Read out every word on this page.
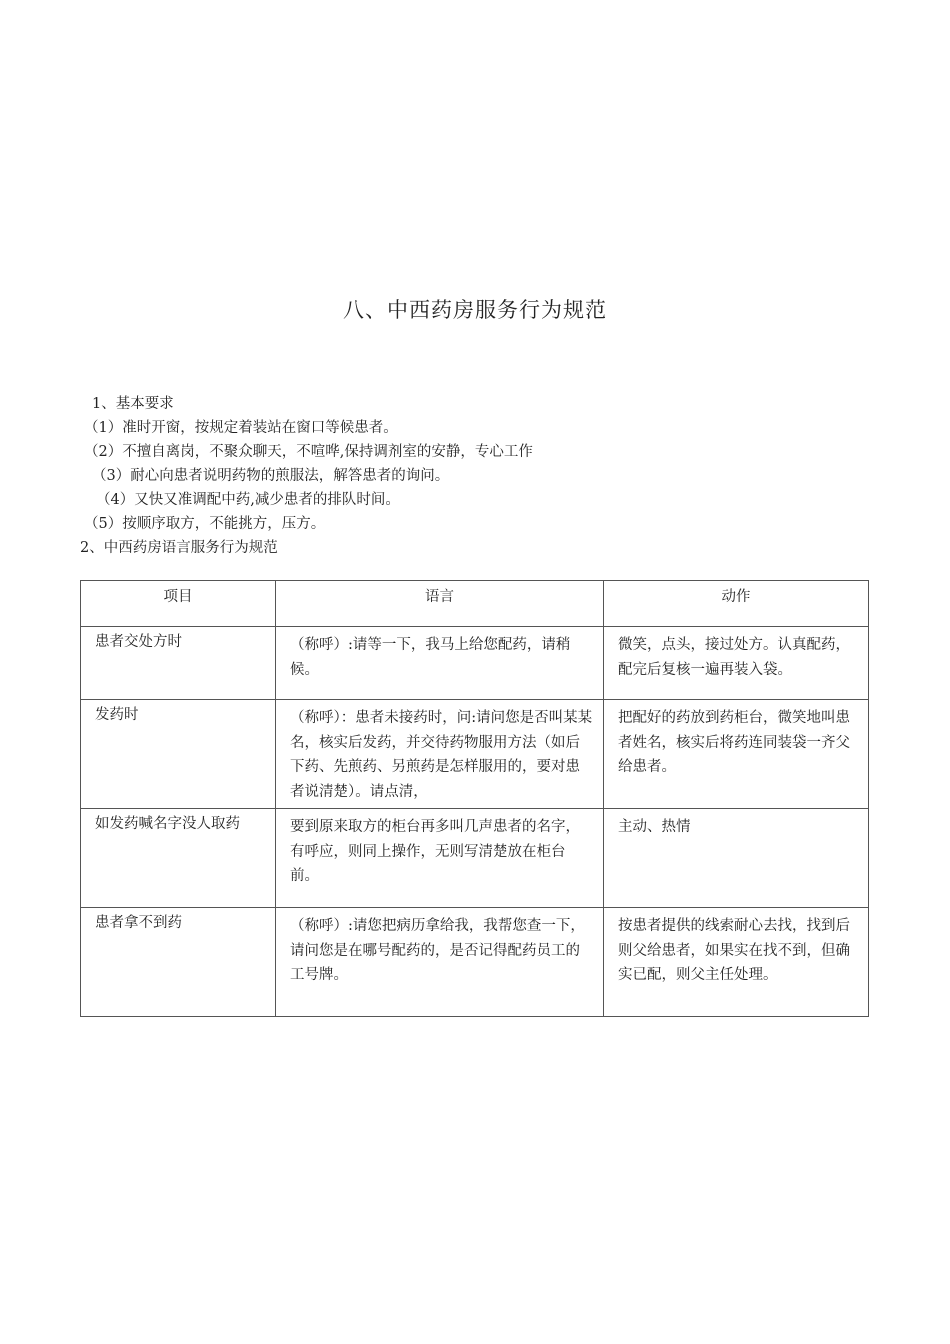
八、中西药房服务行为规范
1、基本要求
（1）准时开窗，按规定着装站在窗口等候患者。
（2）不擅自离岗，不聚众聊天，不喧哗,保持调剂室的安静，专心工作
（3）耐心向患者说明药物的煎服法，解答患者的询问。
（4）又快又准调配中药,减少患者的排队时间。
（5）按顺序取方，不能挑方，压方。
2、中西药房语言服务行为规范
项目	语言	动作
患者交处方时	（称呼）:请等一下，我马上给您配药，请稍候。	微笑，点头，接过处方。认真配药，配完后复核一遍再装入袋。
发药时	（称呼）：患者未接药时，问:请问您是否叫某某名，核实后发药，并交待药物服用方法（如后下药、先煎药、另煎药是怎样服用的，要对患者说清楚）。请点清，	把配好的药放到药柜台，微笑地叫患者姓名，核实后将药连同装袋一齐父给患者。
如发药喊名字没人取药	要到原来取方的柜台再多叫几声患者的名字，有呼应，则同上操作，无则写清楚放在柜台前。	主动、热情
患者拿不到药	（称呼）:请您把病历拿给我，我帮您查一下，请问您是在哪号配药的，是否记得配药员工的工号牌。	按患者提供的线索耐心去找，找到后则父给患者，如果实在找不到，但确实已配，则父主任处理。
